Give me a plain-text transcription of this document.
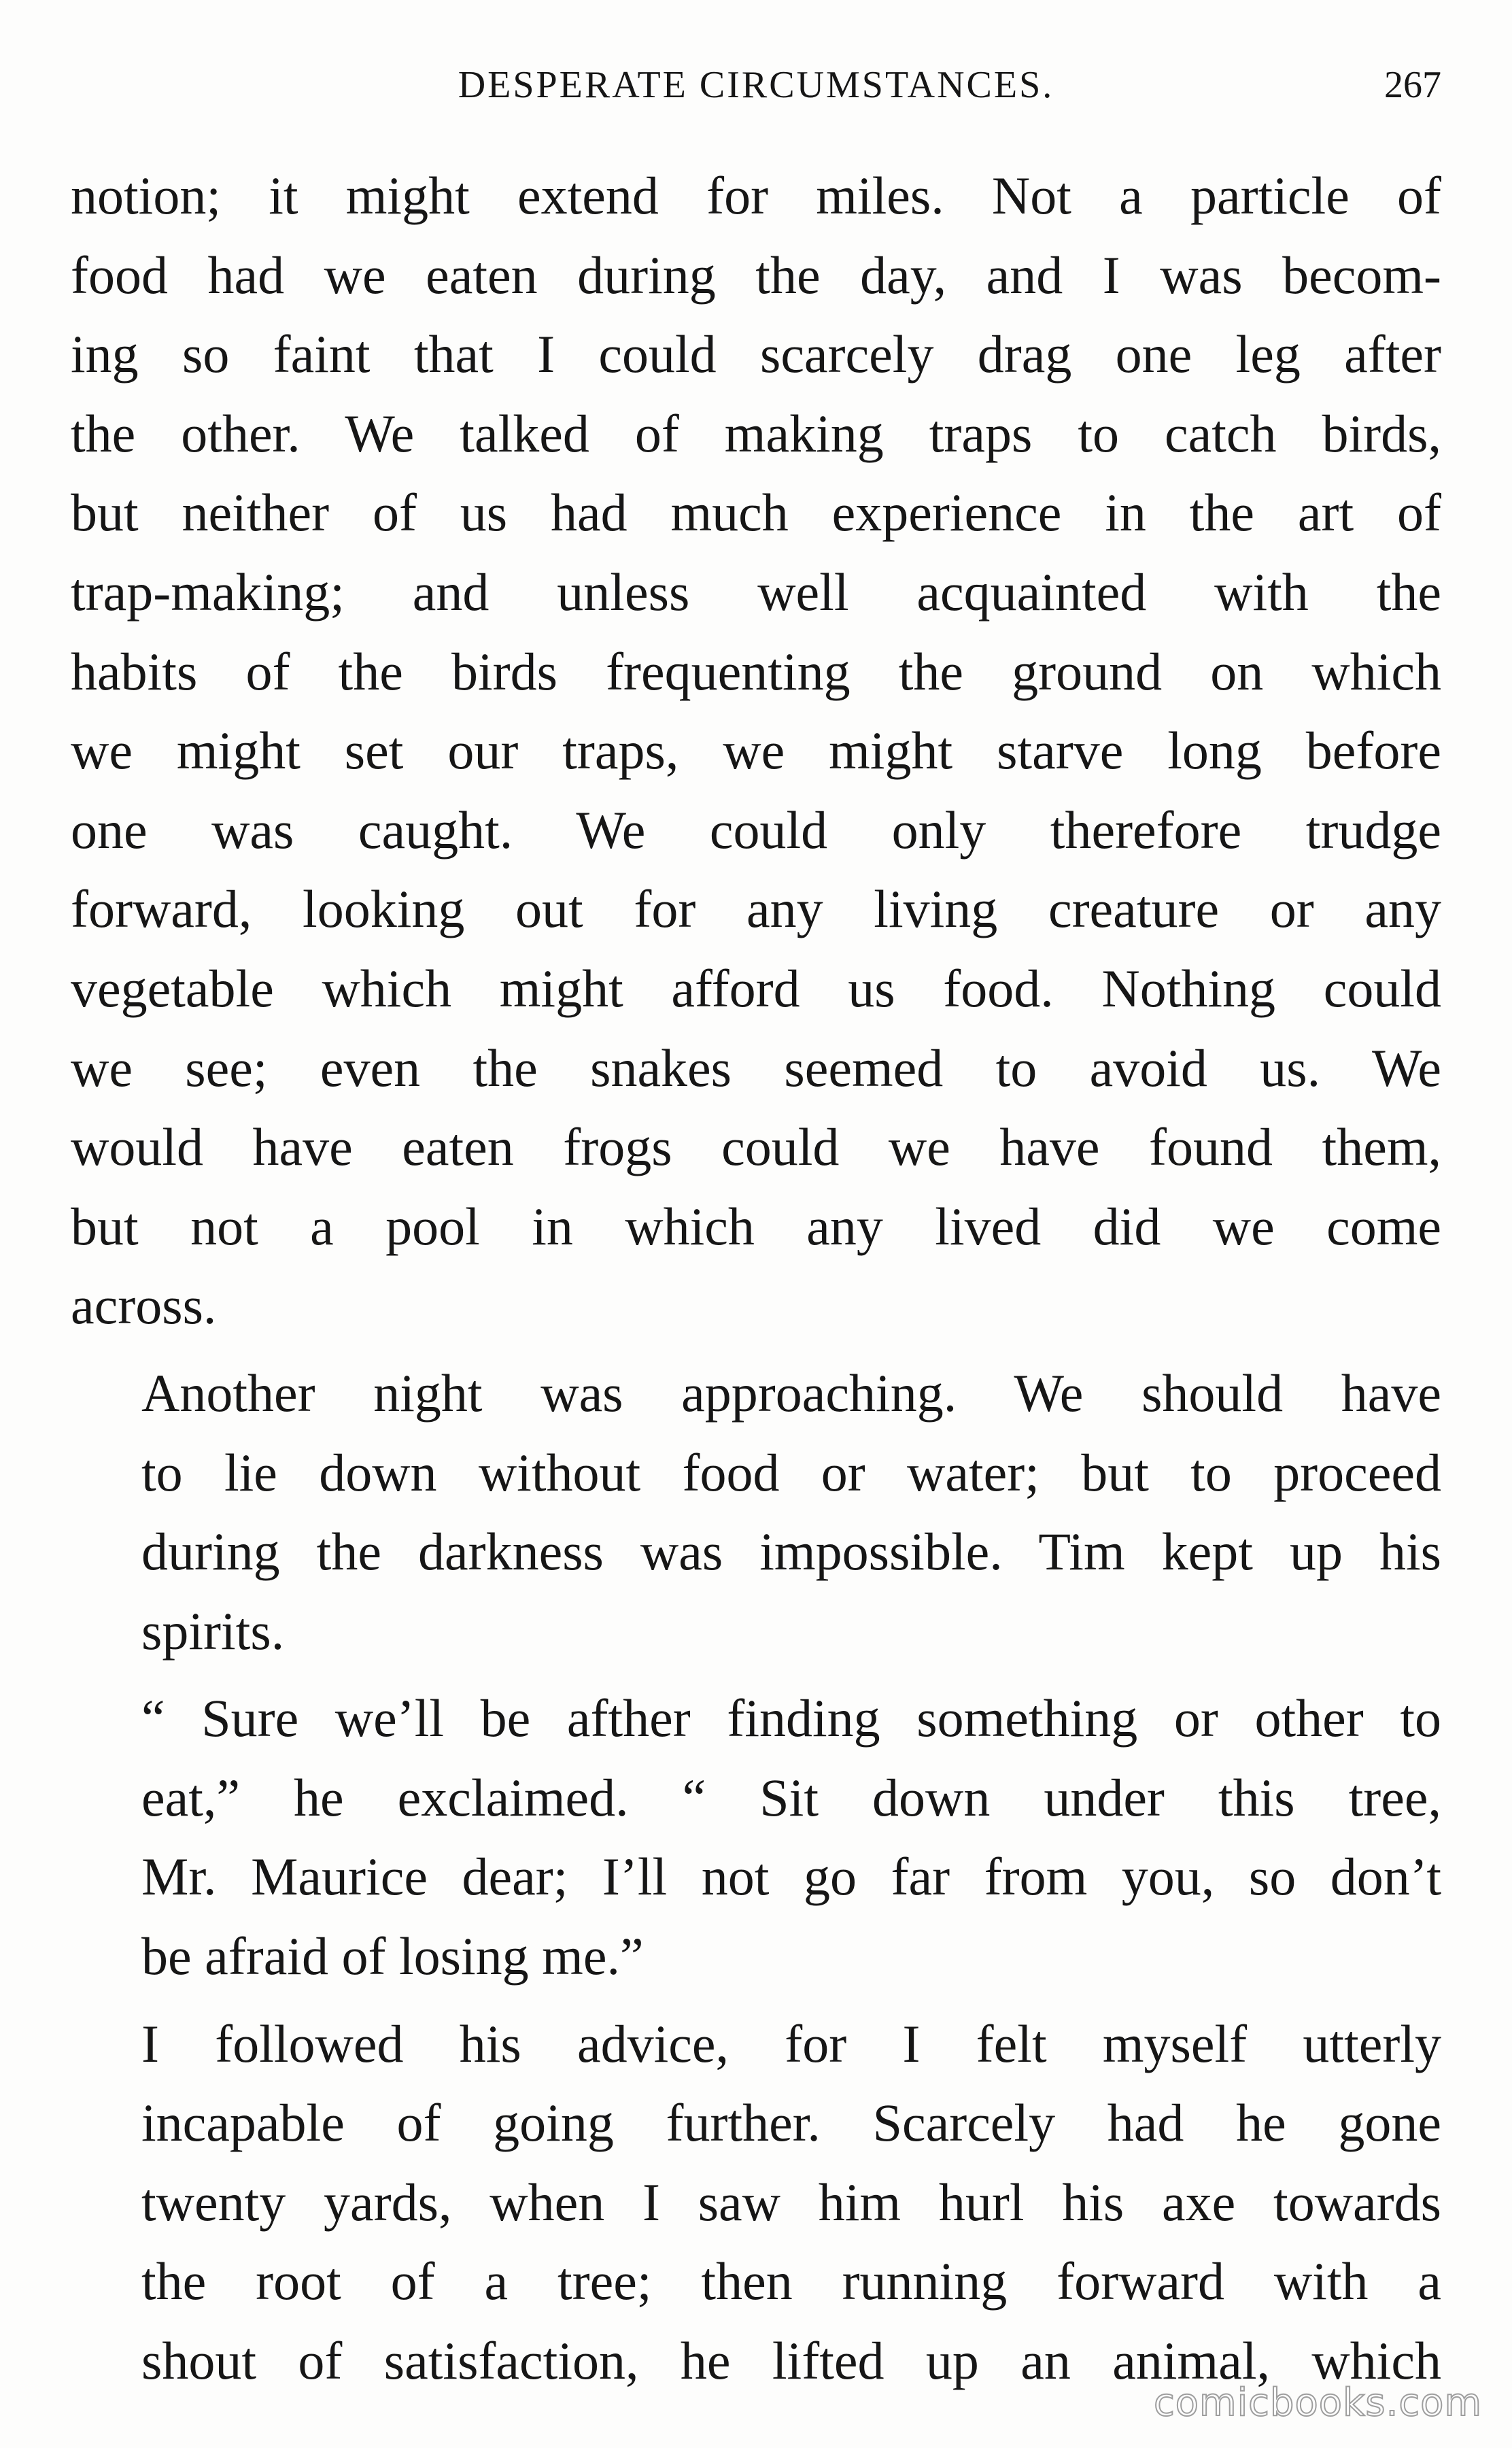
DESPERATE CIRCUMSTANCES.	267

notion; it might extend for miles. Not a particle of
food had we eaten during the day, and I was becom-
ing so faint that I could scarcely drag one leg after
the other. We talked of making traps to catch birds,
but neither of us had much experience in the art of
trap-making; and unless well acquainted with the
habits of the birds frequenting the ground on which
we might set our traps, we might starve long before
one was caught. We could only therefore trudge
forward, looking out for any living creature or any
vegetable which might afford us food. Nothing could
we see; even the snakes seemed to avoid us. We
would have eaten frogs could we have found them,
but not a pool in which any lived did we come
across.

Another night was approaching. We should have
to lie down without food or water; but to proceed
during the darkness was impossible. Tim kept up his
spirits.

“ Sure we’ll be afther finding something or other to
eat,” he exclaimed. “ Sit down under this tree,
Mr. Maurice dear; I’ll not go far from you, so don’t
be afraid of losing me.”

I followed his advice, for I felt myself utterly
incapable of going further. Scarcely had he gone
twenty yards, when I saw him hurl his axe towards
the root of a tree; then running forward with a
shout of satisfaction, he lifted up an animal, which

comicbooks.com
